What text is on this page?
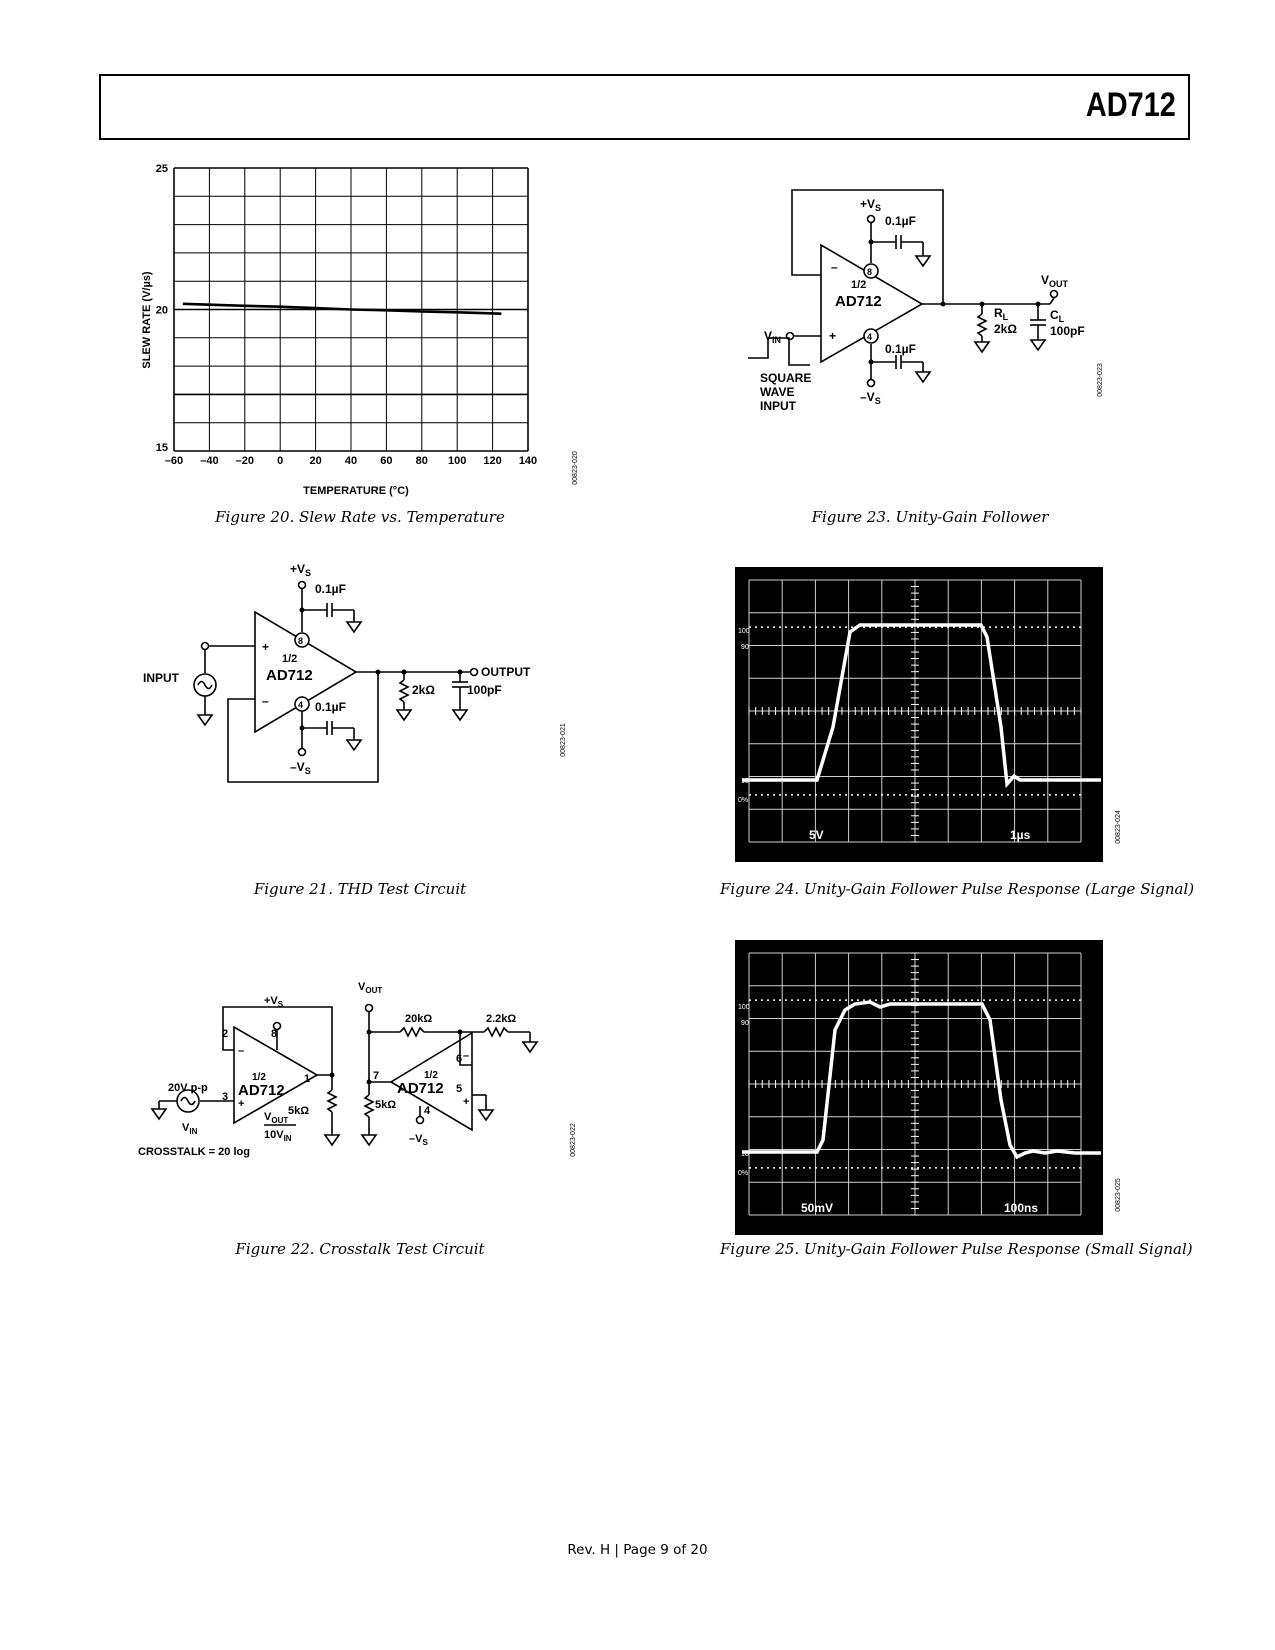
AD712
–60 –40 –20 0 20 40 60 80 100 120 140
15
20
25
SLEW RATE (V/µs)
TEMPERATURE (°C)
00823-020
Figure 20. Slew Rate vs. Temperature
–
+
8
4
1/2
AD712
$+V_S$
$-V_S$
0.1µF
0.1µF
$V_{IN}$
$V_{OUT}$
$R_L$
2kΩ
$C_L$
100pF
SQUARE
WAVE
INPUT
00823-023
Figure 23. Unity-Gain Follower
+
–
8
4
1/2
AD712
$+V_S$
$-V_S$
0.1µF
0.1µF
INPUT	OUTPUT
2kΩ	100pF
00823-021
Figure 21. THD Test Circuit
100
90
10
0%
5V	1µs	00823-024
Figure 24. Unity-Gain Follower Pulse Response (Large Signal)
–
+
2
3
8
1
1/2
AD712
$+V_S$
20V p-p
$V_{IN}$
5kΩ
CROSSTALK = 20 log
$V_{OUT}$
$10V_{IN}$
$V_{OUT}$
20kΩ	2.2kΩ
5kΩ
7
6
5
4
–
+
1/2
AD712
$-V_S$	00823-022
Figure 22. Crosstalk Test Circuit
100
90
10
0%
50mV	100ns	00823-025
Figure 25. Unity-Gain Follower Pulse Response (Small Signal)
Rev. H | Page 9 of 20
